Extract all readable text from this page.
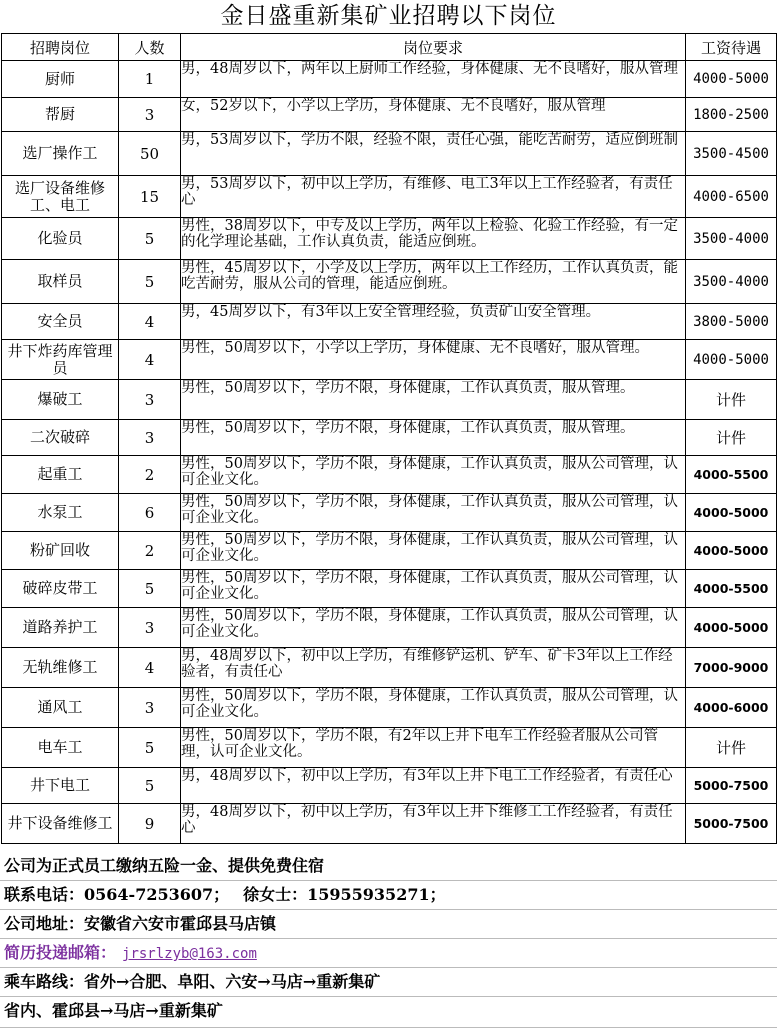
金日盛重新集矿业招聘以下岗位
招聘岗位	人数	岗位要求	工资待遇
厨师	1	男，48周岁以下，两年以上厨师工作经验，身体健康、无不良嗜好，服从管理	4000-5000
帮厨	3	女，52岁以下，小学以上学历，身体健康、无不良嗜好，服从管理	1800-2500
选厂操作工	50	男，53周岁以下，学历不限，经验不限，责任心强，能吃苦耐劳，适应倒班制	3500-4500
选厂设备维修工、电工	15	男，53周岁以下，初中以上学历，有维修、电工3年以上工作经验者，有责任心	4000-6500
化验员	5	男性，38周岁以下，中专及以上学历，两年以上检验、化验工作经验，有一定的化学理论基础，工作认真负责，能适应倒班。	3500-4000
取样员	5	男性，45周岁以下，小学及以上学历，两年以上工作经历，工作认真负责，能吃苦耐劳，服从公司的管理，能适应倒班。	3500-4000
安全员	4	男，45周岁以下，有3年以上安全管理经验，负责矿山安全管理。	3800-5000
井下炸药库管理员	4	男性，50周岁以下，小学以上学历，身体健康、无不良嗜好，服从管理。	4000-5000
爆破工	3	男性，50周岁以下，学历不限，身体健康，工作认真负责，服从管理。	计件
二次破碎	3	男性，50周岁以下，学历不限，身体健康，工作认真负责，服从管理。	计件
起重工	2	男性，50周岁以下，学历不限，身体健康，工作认真负责，服从公司管理，认可企业文化。	4000-5500
水泵工	6	男性，50周岁以下，学历不限，身体健康，工作认真负责，服从公司管理，认可企业文化。	4000-5000
粉矿回收	2	男性，50周岁以下，学历不限，身体健康，工作认真负责，服从公司管理，认可企业文化。	4000-5000
破碎皮带工	5	男性，50周岁以下，学历不限，身体健康，工作认真负责，服从公司管理，认可企业文化。	4000-5500
道路养护工	3	男性，50周岁以下，学历不限，身体健康，工作认真负责，服从公司管理，认可企业文化。	4000-5000
无轨维修工	4	男，48周岁以下，初中以上学历，有维修铲运机、铲车、矿卡3年以上工作经验者，有责任心	7000-9000
通风工	3	男性，50周岁以下，学历不限，身体健康，工作认真负责，服从公司管理，认可企业文化。	4000-6000
电车工	5	男性，50周岁以下，学历不限，有2年以上井下电车工作经验者服从公司管理，认可企业文化。	计件
井下电工	5	男，48周岁以下，初中以上学历，有3年以上井下电工工作经验者，有责任心	5000-7500
井下设备维修工	9	男，48周岁以下，初中以上学历，有3年以上井下维修工工作经验者，有责任心	5000-7500
公司为正式员工缴纳五险一金、提供免费住宿
联系电话：0564-7253607； 徐女士：15955935271；
公司地址：安徽省六安市霍邱县马店镇
简历投递邮箱： jrsrlzyb@163.com
乘车路线：省外→合肥、阜阳、六安→马店→重新集矿
省内、霍邱县→马店→重新集矿
